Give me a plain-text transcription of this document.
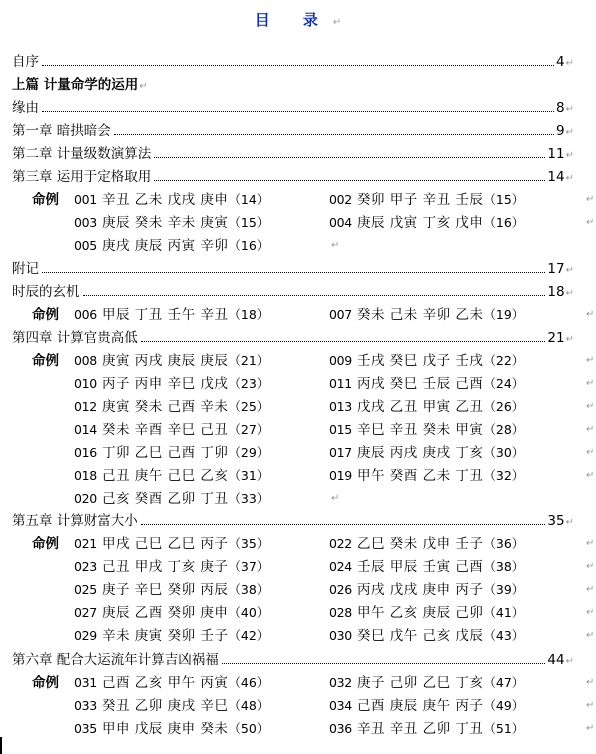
目 录↵
自序	4 ↵
上篇 计量命学的运用 ↵
缘由	8 ↵
第一章 暗拱暗会	9 ↵
第二章 计量级数演算法	11 ↵
第三章 运用于定格取用	14 ↵
附记	17 ↵
时辰的玄机	18 ↵
第四章 计算官贵高低	21 ↵
第五章 计算财富大小	35 ↵
第六章 配合大运流年计算吉凶祸福	44 ↵
命例 001 辛丑 乙未 戊戌 庚申 （14）	002 癸卯 甲子 辛丑 壬辰 （15）	↵
003 庚辰 癸未 辛未 庚寅 （15）	004 庚辰 戊寅 丁亥 戊申 （16）	↵
005 庚戌 庚辰 丙寅 辛卯 （16）	↵
命例 006 甲辰 丁丑 壬午 辛丑 （18）	007 癸未 己未 辛卯 乙未 （19）	↵
命例 008 庚寅 丙戌 庚辰 庚辰 （21）	009 壬戌 癸巳 戊子 壬戌 （22）	↵
010 丙子 丙申 辛巳 戊戌 （23）	011 丙戌 癸巳 壬辰 己酉 （24）	↵
012 庚寅 癸未 己酉 辛未 （25）	013 戊戌 乙丑 甲寅 乙丑 （26）	↵
014 癸未 辛酉 辛巳 己丑 （27）	015 辛巳 辛丑 癸未 甲寅 （28）	↵
016 丁卯 乙巳 己酉 丁卯 （29）	017 庚辰 丙戌 庚戌 丁亥 （30）	↵
018 己丑 庚午 己巳 乙亥 （31）	019 甲午 癸酉 乙未 丁丑 （32）	↵
020 己亥 癸酉 乙卯 丁丑 （33）	↵
命例 021 甲戌 己巳 乙巳 丙子 （35）	022 乙巳 癸未 戊申 壬子 （36）	↵
023 己丑 甲戌 丁亥 庚子 （37）	024 壬辰 甲辰 壬寅 己酉 （38）	↵
025 庚子 辛巳 癸卯 丙辰 （38）	026 丙戌 戊戌 庚申 丙子 （39）	↵
027 庚辰 乙酉 癸卯 庚申 （40）	028 甲午 乙亥 庚辰 己卯 （41）	↵
029 辛未 庚寅 癸卯 壬子 （42）	030 癸巳 戊午 己亥 戊辰 （43）	↵
命例 031 己酉 乙亥 甲午 丙寅 （46）	032 庚子 己卯 乙巳 丁亥 （47）	↵
033 癸丑 乙卯 庚戌 辛巳 （48）	034 己酉 庚辰 庚午 丙子 （49）	↵
035 甲申 戊辰 庚申 癸未 （50）	036 辛丑 辛丑 乙卯 丁丑 （51）	↵
